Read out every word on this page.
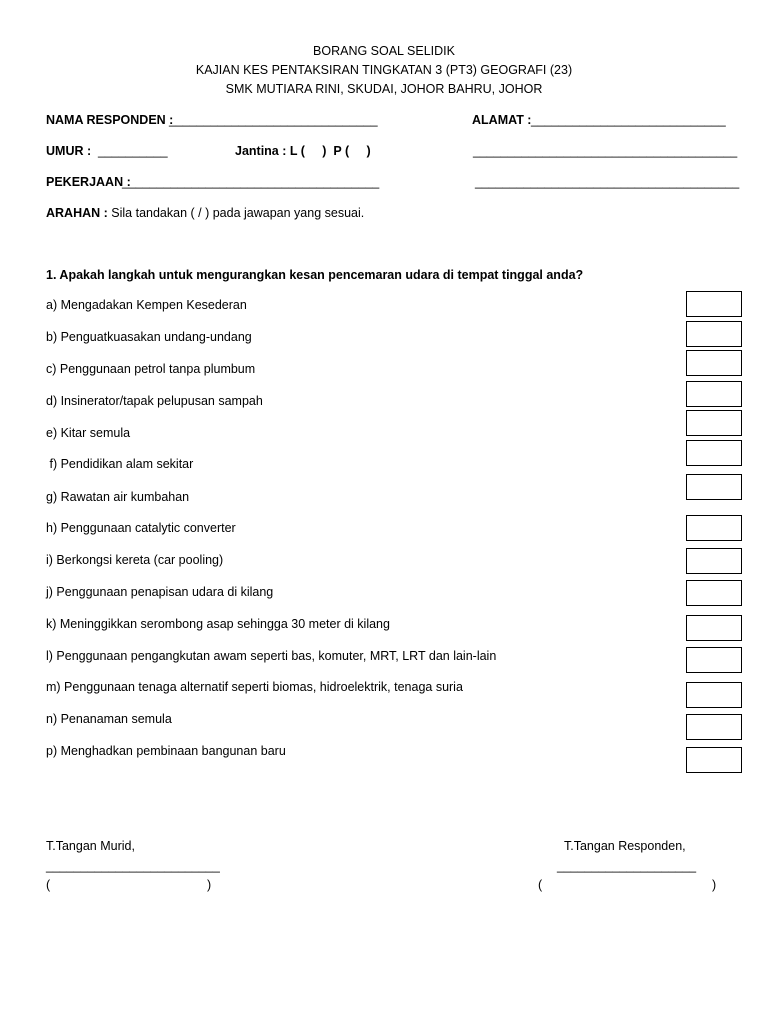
BORANG SOAL SELIDIK
KAJIAN KES PENTAKSIRAN TINGKATAN 3 (PT3) GEOGRAFI (23)
SMK MUTIARA RINI, SKUDAI, JOHOR BAHRU, JOHOR
NAMA RESPONDEN :
______________________________	ALAMAT :
____________________________
UMUR : __________	Jantina : L (     )  P (     )	______________________________________
PEKERJAAN :
_____________________________________	______________________________________
ARAHAN : Sila tandakan ( / ) pada jawapan yang sesuai.
1. Apakah langkah untuk mengurangkan kesan pencemaran udara di tempat tinggal anda?
a) Mengadakan Kempen Kesederan
b) Penguatkuasakan undang-undang
c) Penggunaan petrol tanpa plumbum
d) Insinerator/tapak pelupusan sampah
e) Kitar semula
f) Pendidikan alam sekitar
g) Rawatan air kumbahan
h) Penggunaan catalytic converter
i) Berkongsi kereta (car pooling)
j) Penggunaan penapisan udara di kilang
k) Meninggikkan serombong asap sehingga 30 meter di kilang
l) Penggunaan pengangkutan awam seperti bas, komuter, MRT, LRT dan lain-lain
m) Penggunaan tenaga alternatif seperti biomas, hidroelektrik, tenaga suria
n) Penanaman semula
p) Menghadkan pembinaan bangunan baru
T.Tangan Murid,
_________________________
(	)
T.Tangan Responden,
____________________
(	)
